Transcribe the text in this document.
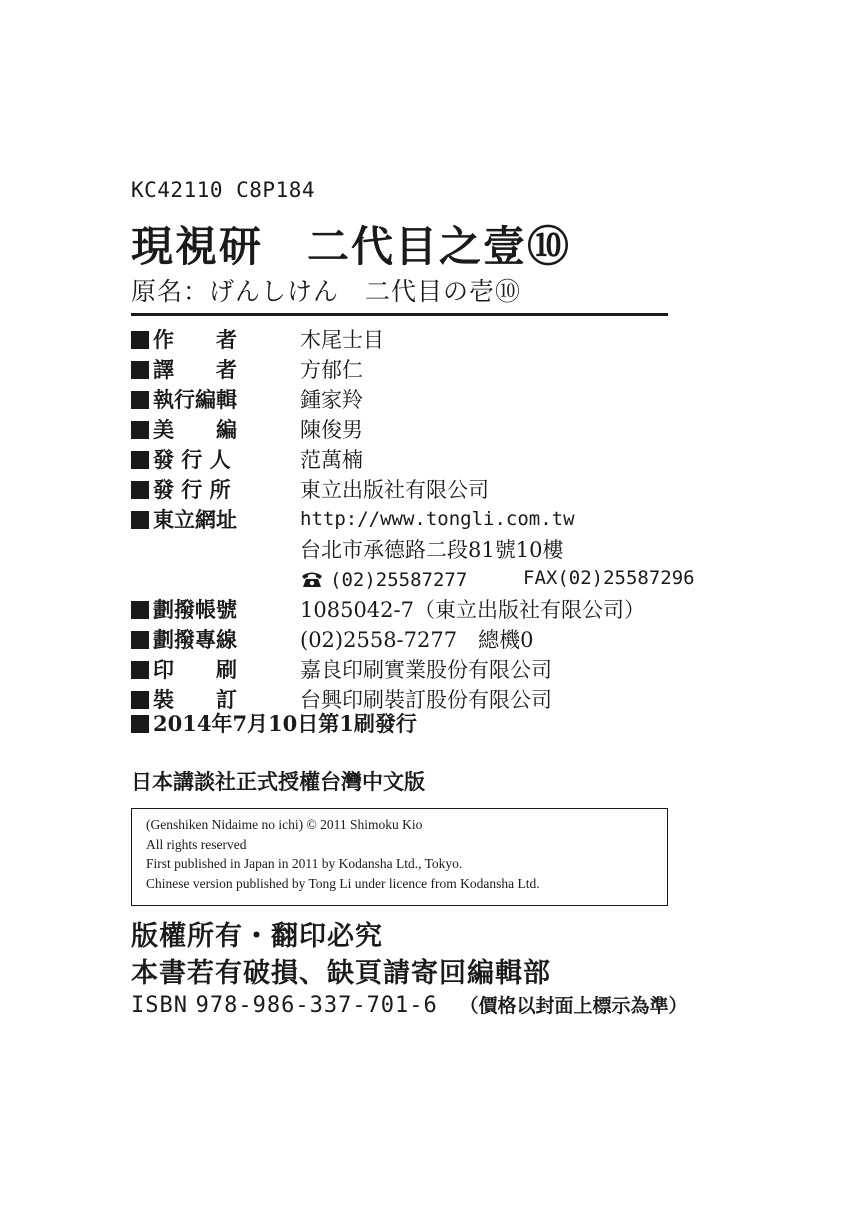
KC42110 C8P184
現視研　二代目之壹⑩
原名：げんしけん　二代目の壱⑩
作　　者	木尾士目
譯　　者	方郁仁
執行編輯	鍾家羚
美　　編	陳俊男
發 行 人	范萬楠
發 行 所	東立出版社有限公司
東立網址	http://www.tongli.com.tw
台北市承德路二段81號10樓
(02)25587277	FAX(02)25587296
劃撥帳號	1085042-7（東立出版社有限公司）
劃撥專線	(02)2558-7277　總機0
印　　刷	嘉良印刷實業股份有限公司
裝　　訂	台興印刷裝訂股份有限公司
2014年7月10日第1刷發行
日本講談社正式授權台灣中文版
(Genshiken Nidaime no ichi) © 2011 Shimoku Kio
All rights reserved
First published in Japan in 2011 by Kodansha Ltd., Tokyo.
Chinese version published by Tong Li under licence from Kodansha Ltd.
版權所有・翻印必究
本書若有破損、缺頁請寄回編輯部
ISBN 978-986-337-701-6 （價格以封面上標示為準）
